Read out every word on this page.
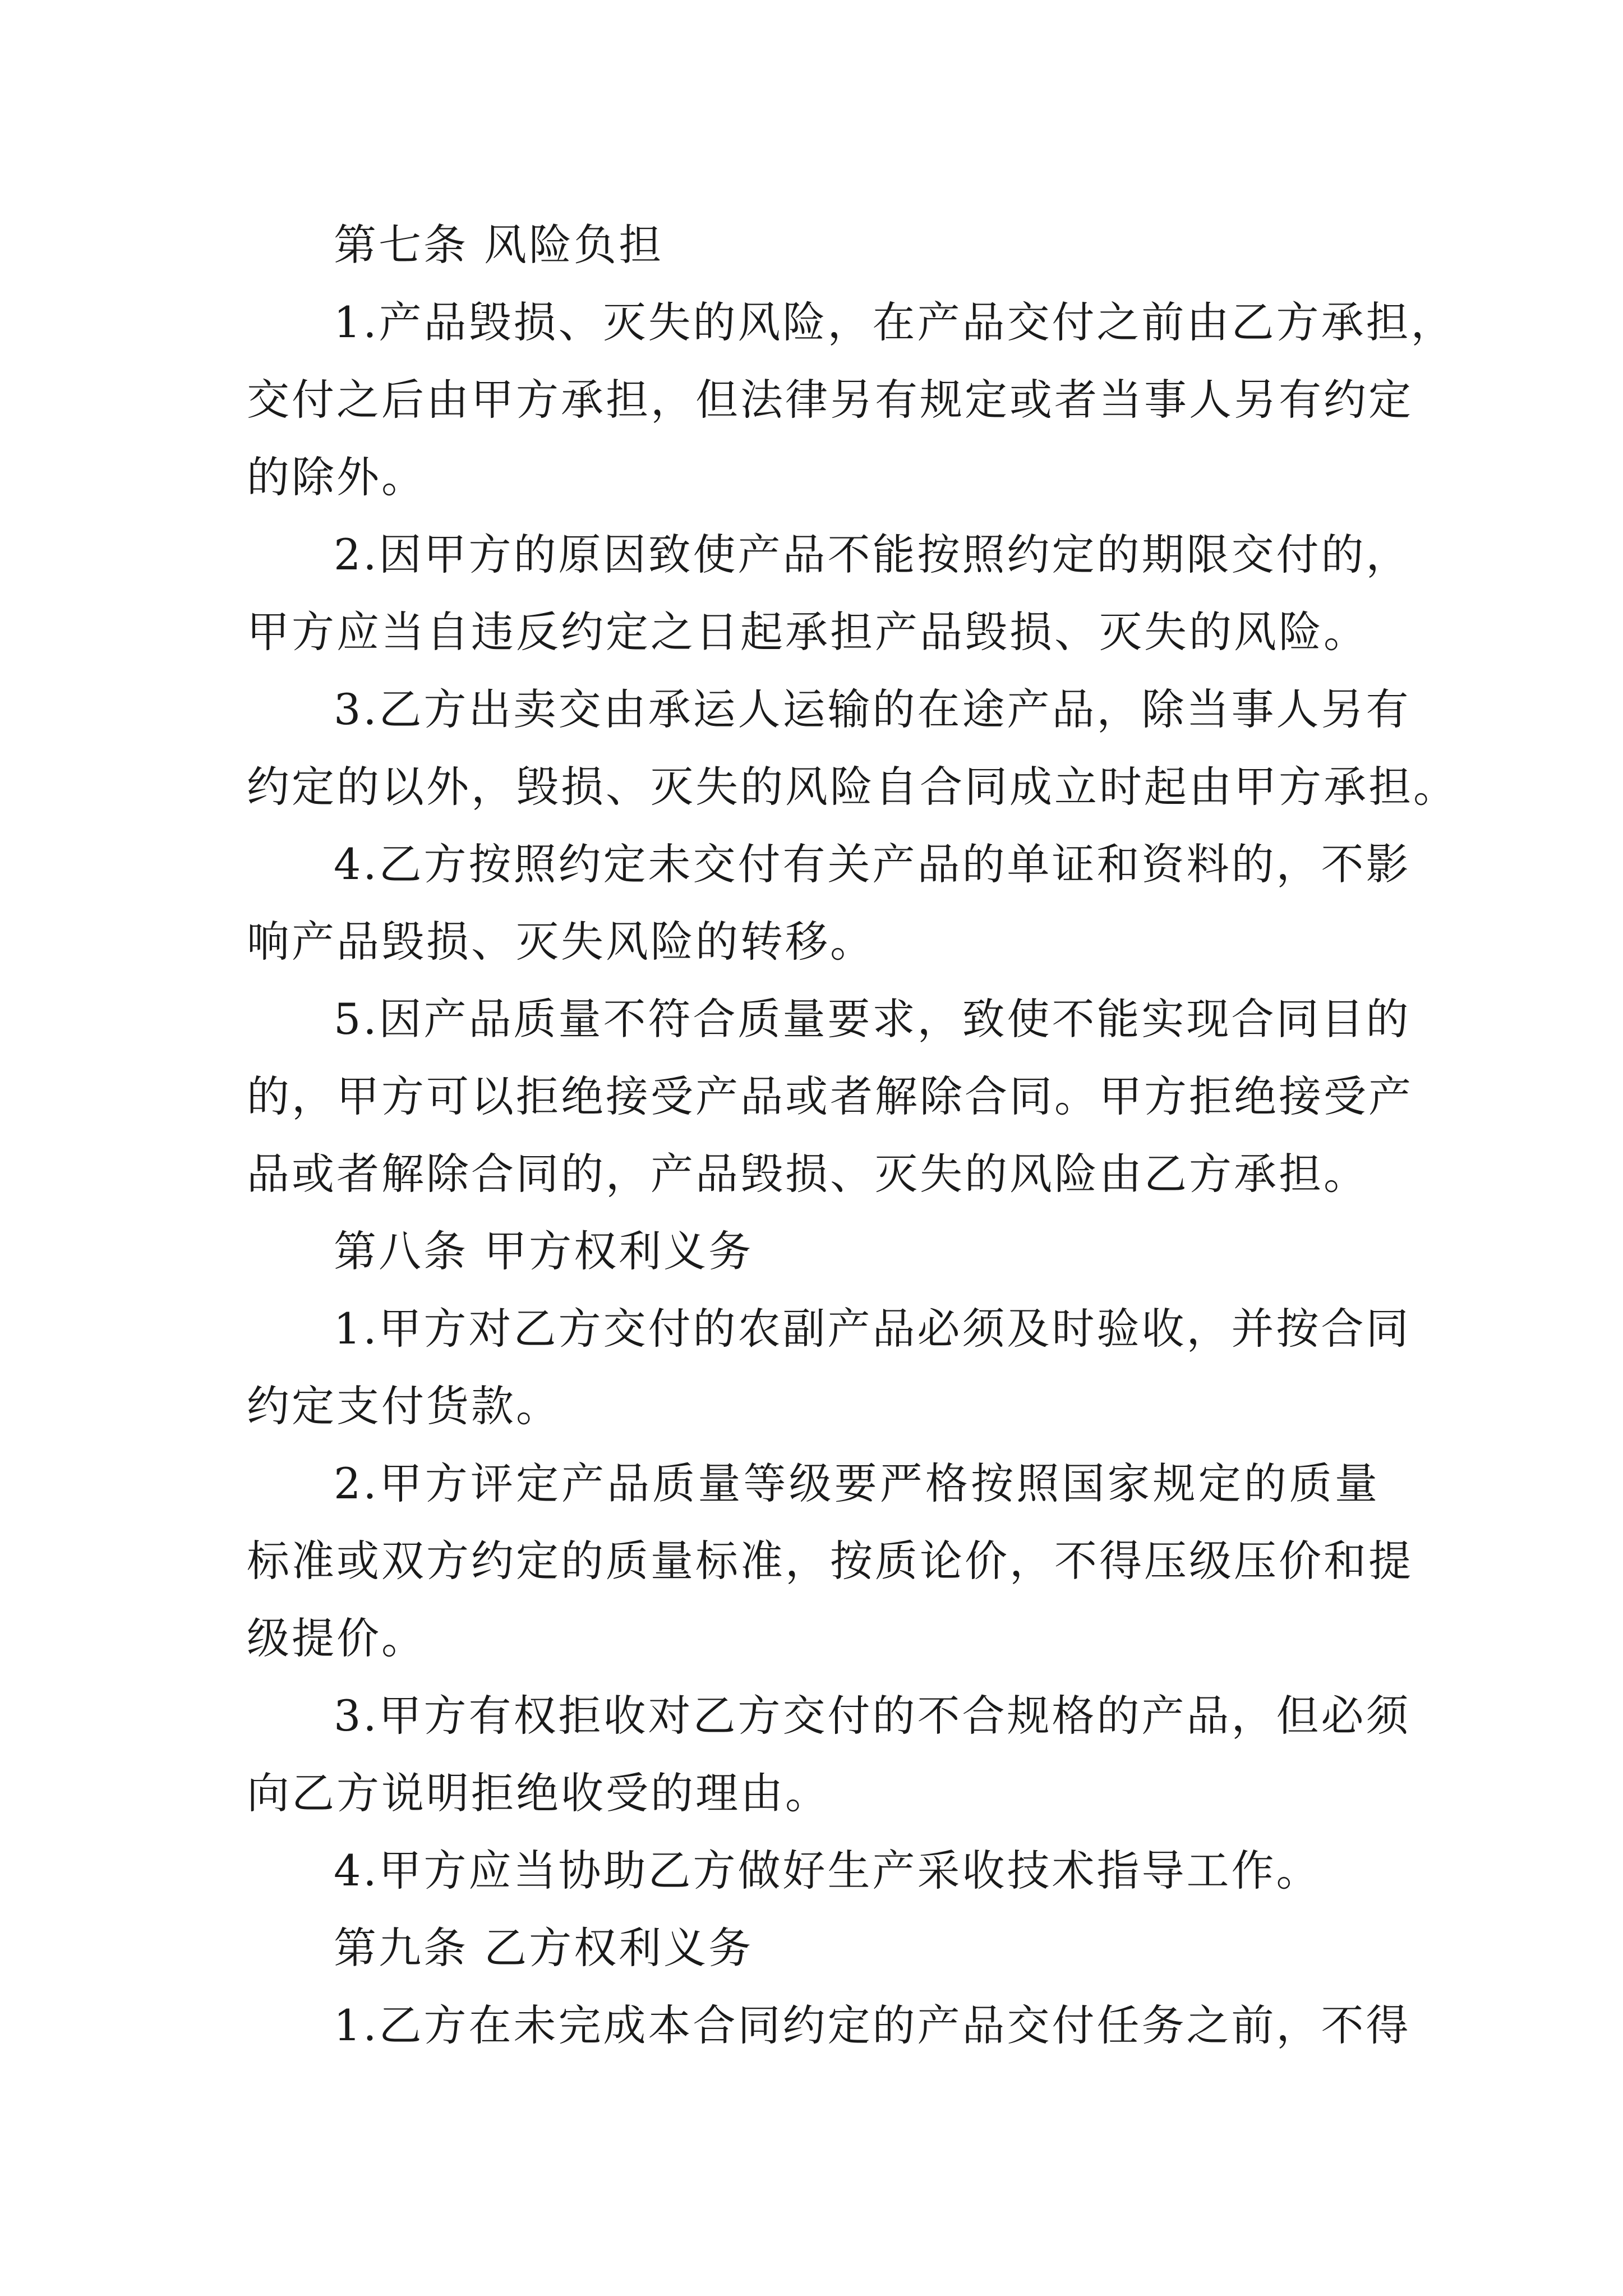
第七条 风险负担
1.产品毁损、灭失的风险，在产品交付之前由乙方承担，
交付之后由甲方承担，但法律另有规定或者当事人另有约定
的除外。
2.因甲方的原因致使产品不能按照约定的期限交付的，
甲方应当自违反约定之日起承担产品毁损、灭失的风险。
3.乙方出卖交由承运人运输的在途产品，除当事人另有
约定的以外，毁损、灭失的风险自合同成立时起由甲方承担。
4.乙方按照约定未交付有关产品的单证和资料的，不影
响产品毁损、灭失风险的转移。
5.因产品质量不符合质量要求，致使不能实现合同目的
的，甲方可以拒绝接受产品或者解除合同。甲方拒绝接受产
品或者解除合同的，产品毁损、灭失的风险由乙方承担。
第八条 甲方权利义务
1.甲方对乙方交付的农副产品必须及时验收，并按合同
约定支付货款。
2.甲方评定产品质量等级要严格按照国家规定的质量
标准或双方约定的质量标准，按质论价，不得压级压价和提
级提价。
3.甲方有权拒收对乙方交付的不合规格的产品，但必须
向乙方说明拒绝收受的理由。
4.甲方应当协助乙方做好生产采收技术指导工作。
第九条 乙方权利义务
1.乙方在未完成本合同约定的产品交付任务之前，不得
